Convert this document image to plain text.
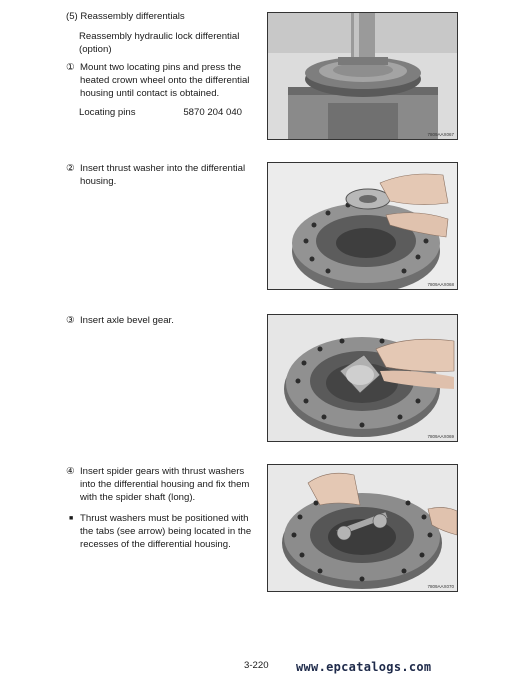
(5) Reassembly differentials
Reassembly hydraulic lock differential (option)
① Mount two locating pins and press the heated crown wheel onto the differential housing until contact is obtained.
Locating pins	5870 204 040
② Insert thrust washer into the differential housing.
③ Insert axle bevel gear.
④ Insert spider gears with thrust washers into the differential housing and fix them with the spider shaft (long).
■ Thrust washers must be positioned with the tabs (see arrow) being located in the recesses of the differential housing.
7809AAX067
7809AAX068
7809AAX069
7809AAX070
3-220 www.epcatalogs.com
